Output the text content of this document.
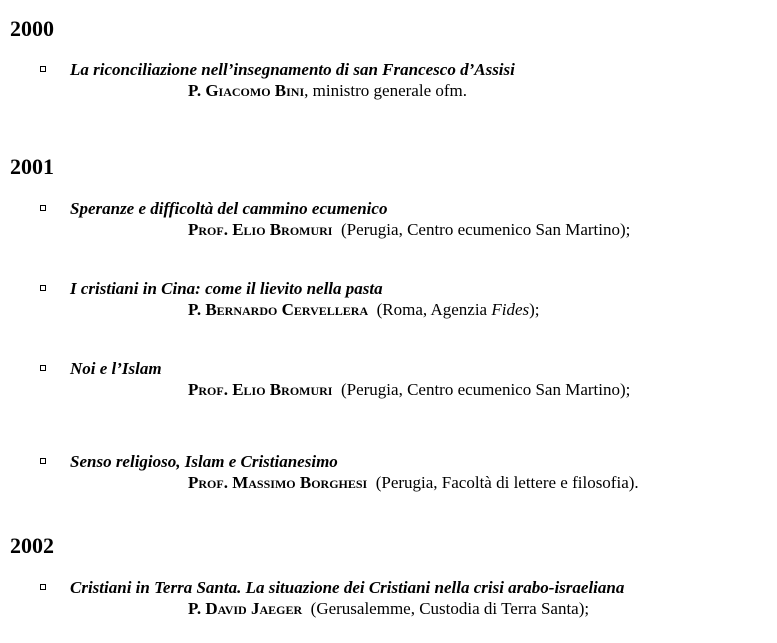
2000
La riconciliazione nell’insegnamento di san Francesco d’Assisi
P. Giacomo Bini, ministro generale ofm.
2001
Speranze e difficoltà del cammino ecumenico
Prof. Elio Bromuri (Perugia, Centro ecumenico San Martino);
I cristiani in Cina: come il lievito nella pasta
P. Bernardo Cervellera (Roma, Agenzia Fides);
Noi e l’Islam
Prof. Elio Bromuri (Perugia, Centro ecumenico San Martino);
Senso religioso, Islam e Cristianesimo
Prof. Massimo Borghesi (Perugia, Facoltà di lettere e filosofia).
2002
Cristiani in Terra Santa. La situazione dei Cristiani nella crisi arabo-israeliana
P. David Jaeger (Gerusalemme, Custodia di Terra Santa);
